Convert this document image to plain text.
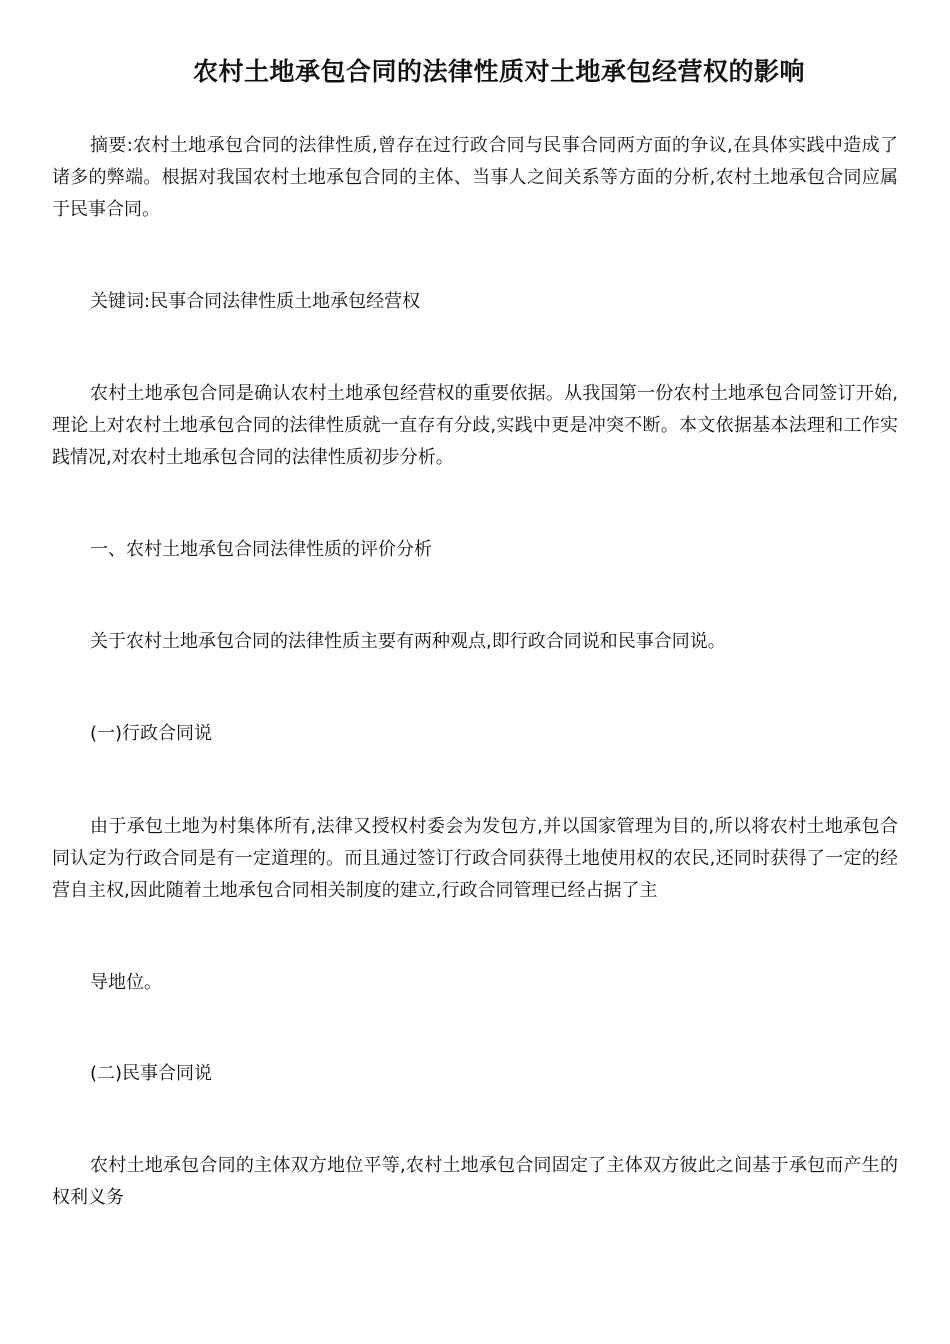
农村土地承包合同的法律性质对土地承包经营权的影响

摘要:农村土地承包合同的法律性质,曾存在过行政合同与民事合同两方面的争议,在具体实践中造成了诸多的弊端。根据对我国农村土地承包合同的主体、当事人之间关系等方面的分析,农村土地承包合同应属于民事合同。

关键词:民事合同法律性质土地承包经营权

农村土地承包合同是确认农村土地承包经营权的重要依据。从我国第一份农村土地承包合同签订开始,理论上对农村土地承包合同的法律性质就一直存有分歧,实践中更是冲突不断。本文依据基本法理和工作实践情况,对农村土地承包合同的法律性质初步分析。

一、农村土地承包合同法律性质的评价分析

关于农村土地承包合同的法律性质主要有两种观点,即行政合同说和民事合同说。

(一)行政合同说

由于承包土地为村集体所有,法律又授权村委会为发包方,并以国家管理为目的,所以将农村土地承包合同认定为行政合同是有一定道理的。而且通过签订行政合同获得土地使用权的农民,还同时获得了一定的经营自主权,因此随着土地承包合同相关制度的建立,行政合同管理已经占据了主

导地位。

(二)民事合同说

农村土地承包合同的主体双方地位平等,农村土地承包合同固定了主体双方彼此之间基于承包而产生的权利义务
